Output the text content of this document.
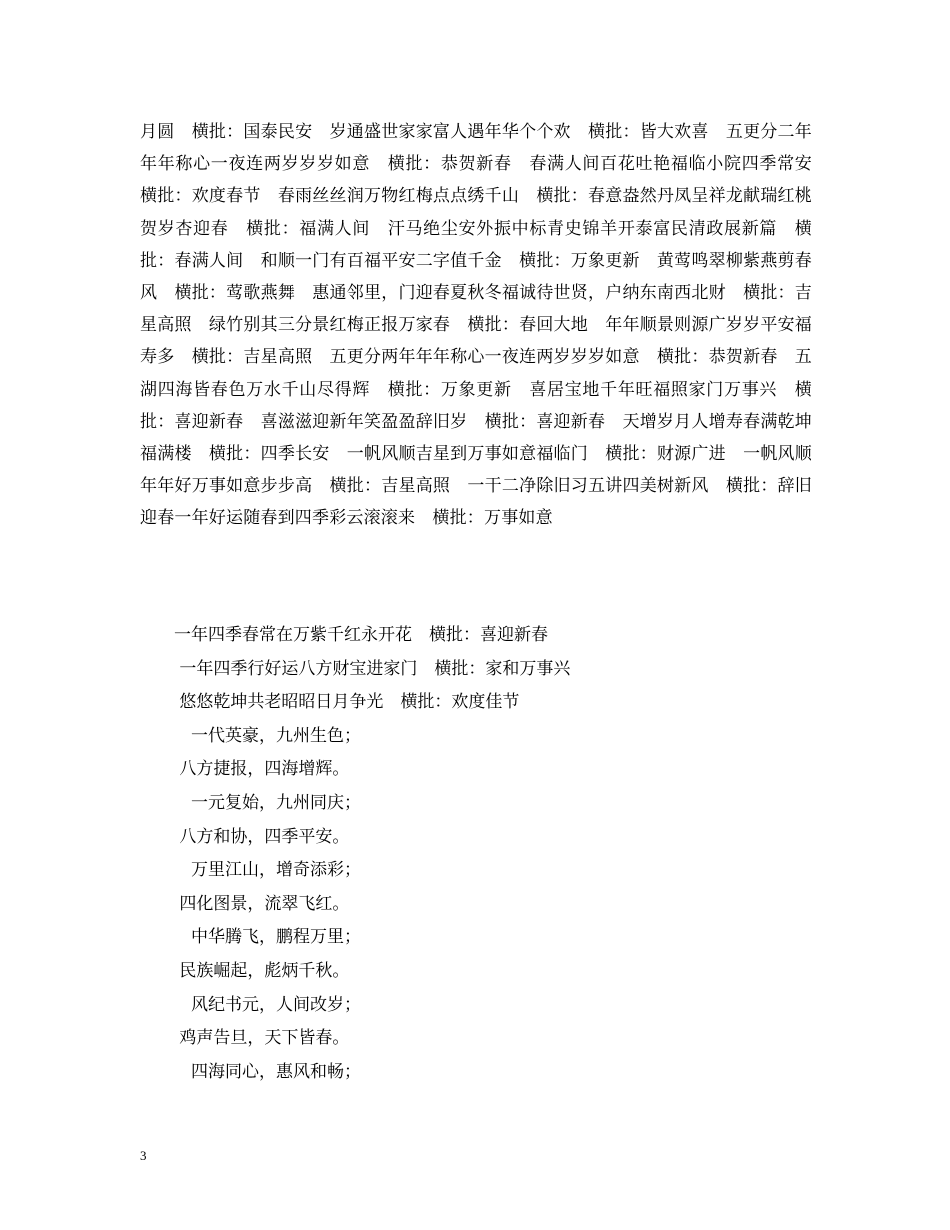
月圆　横批：国泰民安　岁通盛世家家富人遇年华个个欢　横批：皆大欢喜　五更分二年年年称心一夜连两岁岁岁如意　横批：恭贺新春　春满人间百花吐艳福临小院四季常安　横批：欢度春节　春雨丝丝润万物红梅点点绣千山　横批：春意盎然丹凤呈祥龙献瑞红桃贺岁杏迎春　横批：福满人间　汗马绝尘安外振中标青史锦羊开泰富民清政展新篇　横批：春满人间　和顺一门有百福平安二字值千金　横批：万象更新　黄莺鸣翠柳紫燕剪春风　横批：莺歌燕舞　惠通邻里，门迎春夏秋冬福诚待世贤，户纳东南西北财　横批：吉星高照　绿竹别其三分景红梅正报万家春　横批：春回大地　年年顺景则源广岁岁平安福寿多　横批：吉星高照　五更分两年年年称心一夜连两岁岁岁如意　横批：恭贺新春　五湖四海皆春色万水千山尽得辉　横批：万象更新　喜居宝地千年旺福照家门万事兴　横批：喜迎新春　喜滋滋迎新年笑盈盈辞旧岁　横批：喜迎新春　天增岁月人增寿春满乾坤福满楼　横批：四季长安　一帆风顺吉星到万事如意福临门　横批：财源广进　一帆风顺年年好万事如意步步高　横批：吉星高照　一干二净除旧习五讲四美树新风　横批：辞旧迎春一年好运随春到四季彩云滚滚来　横批：万事如意

　　一年四季春常在万紫千红永开花　横批：喜迎新春
　　 一年四季行好运八方财宝进家门　横批：家和万事兴
　　 悠悠乾坤共老昭昭日月争光　横批：欢度佳节
　　　一代英豪，九州生色；
　　 八方捷报，四海增辉。
　　　一元复始，九州同庆；
　　 八方和协，四季平安。
　　　万里江山，增奇添彩；
　　 四化图景，流翠飞红。
　　　中华腾飞，鹏程万里；
　　 民族崛起，彪炳千秋。
　　　风纪书元，人间改岁；
　　 鸡声告旦，天下皆春。
　　　四海同心，惠风和畅；
3
